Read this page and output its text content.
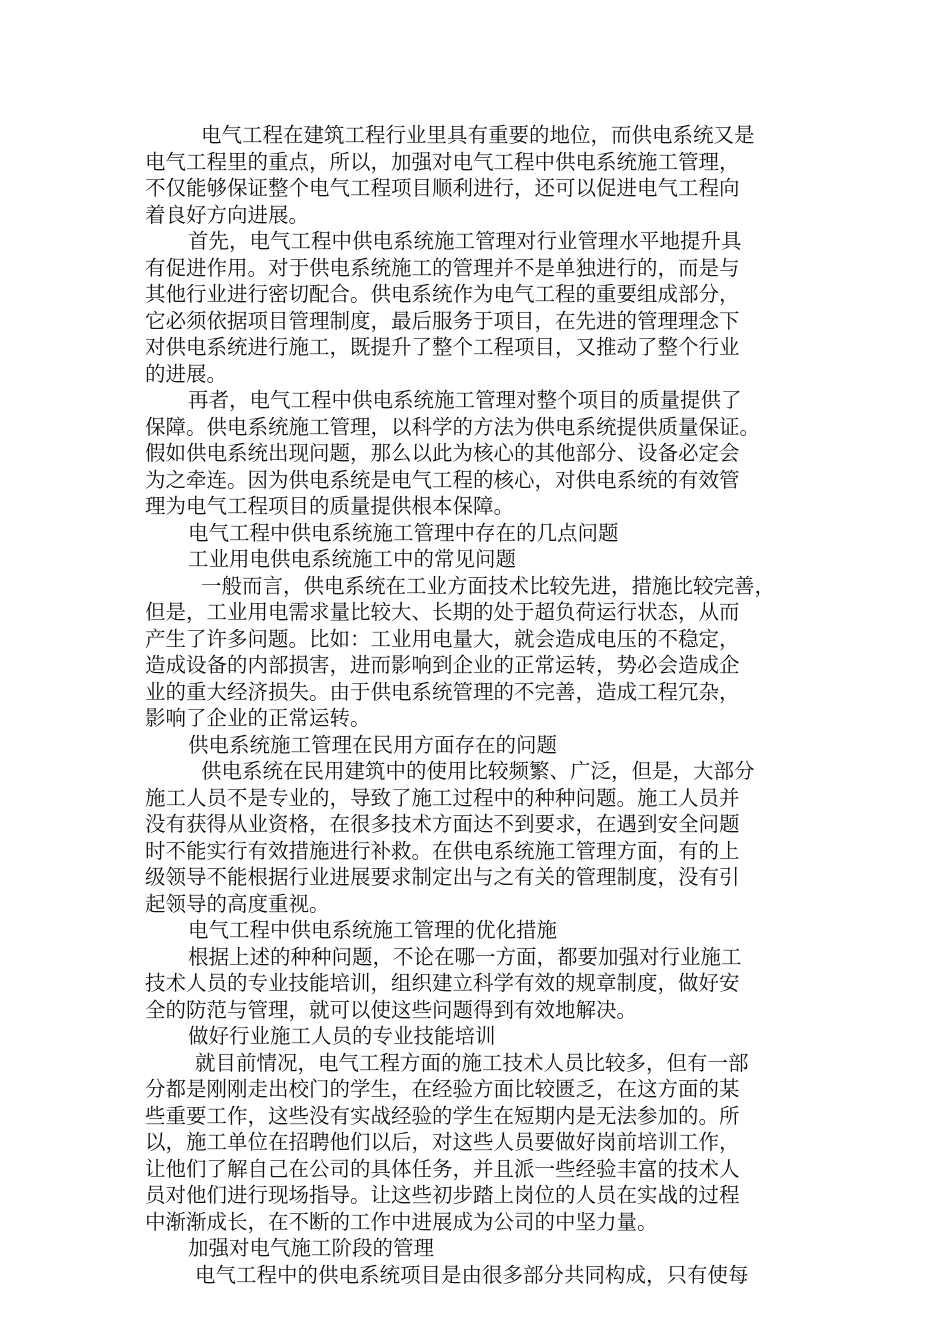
电气工程在建筑工程行业里具有重要的地位，而供电系统又是
电气工程里的重点，所以，加强对电气工程中供电系统施工管理，
不仅能够保证整个电气工程项目顺利进行，还可以促进电气工程向
着良好方向进展。
首先，电气工程中供电系统施工管理对行业管理水平地提升具
有促进作用。对于供电系统施工的管理并不是单独进行的，而是与
其他行业进行密切配合。供电系统作为电气工程的重要组成部分，
它必须依据项目管理制度，最后服务于项目，在先进的管理理念下
对供电系统进行施工，既提升了整个工程项目，又推动了整个行业
的进展。
再者，电气工程中供电系统施工管理对整个项目的质量提供了
保障。供电系统施工管理，以科学的方法为供电系统提供质量保证。
假如供电系统出现问题，那么以此为核心的其他部分、设备必定会
为之牵连。因为供电系统是电气工程的核心，对供电系统的有效管
理为电气工程项目的质量提供根本保障。
电气工程中供电系统施工管理中存在的几点问题
工业用电供电系统施工中的常见问题
一般而言，供电系统在工业方面技术比较先进，措施比较完善，
但是，工业用电需求量比较大、长期的处于超负荷运行状态，从而
产生了许多问题。比如：工业用电量大，就会造成电压的不稳定，
造成设备的内部损害，进而影响到企业的正常运转，势必会造成企
业的重大经济损失。由于供电系统管理的不完善，造成工程冗杂，
影响了企业的正常运转。
供电系统施工管理在民用方面存在的问题
供电系统在民用建筑中的使用比较频繁、广泛，但是，大部分
施工人员不是专业的，导致了施工过程中的种种问题。施工人员并
没有获得从业资格，在很多技术方面达不到要求，在遇到安全问题
时不能实行有效措施进行补救。在供电系统施工管理方面，有的上
级领导不能根据行业进展要求制定出与之有关的管理制度，没有引
起领导的高度重视。
电气工程中供电系统施工管理的优化措施
根据上述的种种问题，不论在哪一方面，都要加强对行业施工
技术人员的专业技能培训，组织建立科学有效的规章制度，做好安
全的防范与管理，就可以使这些问题得到有效地解决。
做好行业施工人员的专业技能培训
就目前情况，电气工程方面的施工技术人员比较多，但有一部
分都是刚刚走出校门的学生，在经验方面比较匮乏，在这方面的某
些重要工作，这些没有实战经验的学生在短期内是无法参加的。所
以，施工单位在招聘他们以后，对这些人员要做好岗前培训工作，
让他们了解自己在公司的具体任务，并且派一些经验丰富的技术人
员对他们进行现场指导。让这些初步踏上岗位的人员在实战的过程
中渐渐成长，在不断的工作中进展成为公司的中坚力量。
加强对电气施工阶段的管理
电气工程中的供电系统项目是由很多部分共同构成，只有使每
